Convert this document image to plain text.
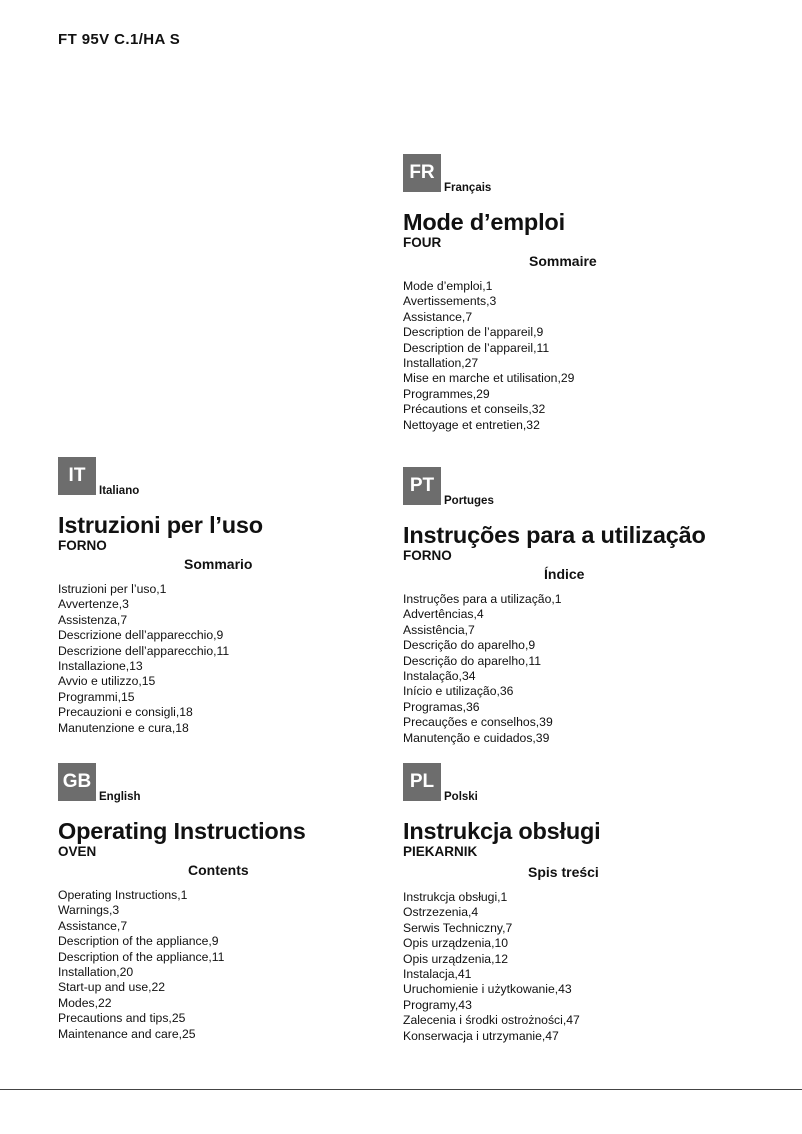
FT 95V C.1/HA S
FR
Français
Mode d’emploi
FOUR
Sommaire
Mode d’emploi,1
Avertissements,3
Assistance,7
Description de l’appareil,9
Description de l’appareil,11
Installation,27
Mise en marche et utilisation,29
Programmes,29
Précautions et conseils,32
Nettoyage et entretien,32
IT
Italiano
Istruzioni per l’uso
FORNO
Sommario
Istruzioni per l’uso,1
Avvertenze,3
Assistenza,7
Descrizione dell’apparecchio,9
Descrizione dell’apparecchio,11
Installazione,13
Avvio e utilizzo,15
Programmi,15
Precauzioni e consigli,18
Manutenzione e cura,18
PT
Portuges
Instruções para a utilização
FORNO
Índice
Instruções para a utilização,1
Advertências,4
Assistência,7
Descrição do aparelho,9
Descrição do aparelho,11
Instalação,34
Início e utilização,36
Programas,36
Precauções e conselhos,39
Manutenção e cuidados,39
GB
English
Operating Instructions
OVEN
Contents
Operating Instructions,1
Warnings,3
Assistance,7
Description of the appliance,9
Description of the appliance,11
Installation,20
Start-up and use,22
Modes,22
Precautions and tips,25
Maintenance and care,25
PL
Polski
Instrukcja obsługi
PIEKARNIK
Spis treści
Instrukcja obsługi,1
Ostrzezenia,4
Serwis Techniczny,7
Opis urządzenia,10
Opis urządzenia,12
Instalacja,41
Uruchomienie i użytkowanie,43
Programy,43
Zalecenia i środki ostrożności,47
Konserwacja i utrzymanie,47
